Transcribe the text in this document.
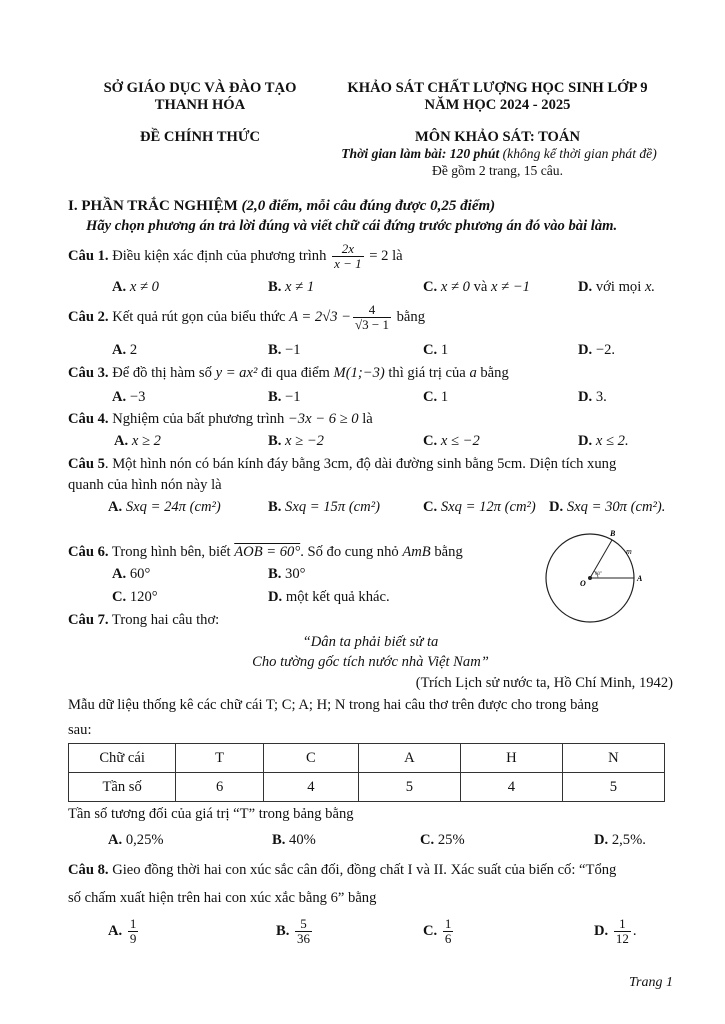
SỞ GIÁO DỤC VÀ ĐÀO TẠO
THANH HÓA
ĐỀ CHÍNH THỨC
KHẢO SÁT CHẤT LƯỢNG HỌC SINH LỚP 9
NĂM HỌC 2024 - 2025
MÔN KHẢO SÁT: TOÁN
Thời gian làm bài: 120 phút (không kể thời gian phát đề)
Đề gồm 2 trang, 15 câu.
I. PHẦN TRẮC NGHIỆM (2,0 điểm, mỗi câu đúng được 0,25 điểm)
Hãy chọn phương án trả lời đúng và viết chữ cái đứng trước phương án đó vào bài làm.
Câu 1. Điều kiện xác định của phương trình $\frac{2x}{x - 1} = 2$ là
A. x ≠ 0	B. x ≠ 1	C. x ≠ 0 và x ≠ −1	D. với mọi x.
Câu 2. Kết quả rút gọn của biểu thức $A = 2√3 - \frac{4}{√3 - 1}$ bằng
A. 2	B. −1	C. 1	D. −2.
Câu 3. Để đồ thị hàm số y = ax² đi qua điểm M(1;−3) thì giá trị của a bằng
A. −3	B. −1	C. 1	D. 3.
Câu 4. Nghiệm của bất phương trình −3x − 6 ≥ 0 là
A. x ≥ 2	B. x ≥ −2	C. x ≤ −2	D. x ≤ 2.
Câu 5. Một hình nón có bán kính đáy bằng 3cm, độ dài đường sinh bằng 5cm. Diện tích xung
quanh của hình nón này là
A. Sxq = 24π (cm²)	B. Sxq = 15π (cm²)	C. Sxq = 12π (cm²) D. Sxq = 30π (cm²).
Câu 6. Trong hình bên, biết AOB = 60°. Số đo cung nhỏ AmB bằng
A. 60°	B. 30°
C. 120°	D. một kết quả khác.
B
m
O
A
60°
Câu 7. Trong hai câu thơ:
“Dân ta phải biết sử ta
Cho tường gốc tích nước nhà Việt Nam”
(Trích Lịch sử nước ta, Hồ Chí Minh, 1942)
Mẫu dữ liệu thống kê các chữ cái T; C; A; H; N trong hai câu thơ trên được cho trong bảng
sau:
Chữ cái	T	C	A	H	N
Tần số	6	4	5	4	5
Tần số tương đối của giá trị “T” trong bảng bằng
A. 0,25%	B. 40%	C. 25%	D. 2,5%.
Câu 8. Gieo đồng thời hai con xúc sắc cân đối, đồng chất I và II. Xác suất của biến cố: “Tổng
số chấm xuất hiện trên hai con xúc xắc bằng 6” bằng
A. $\frac{1}{9}$	B. $\frac{5}{36}$	C. $\frac{1}{6}$	D. $\frac{1}{12}$ .
Trang 1
